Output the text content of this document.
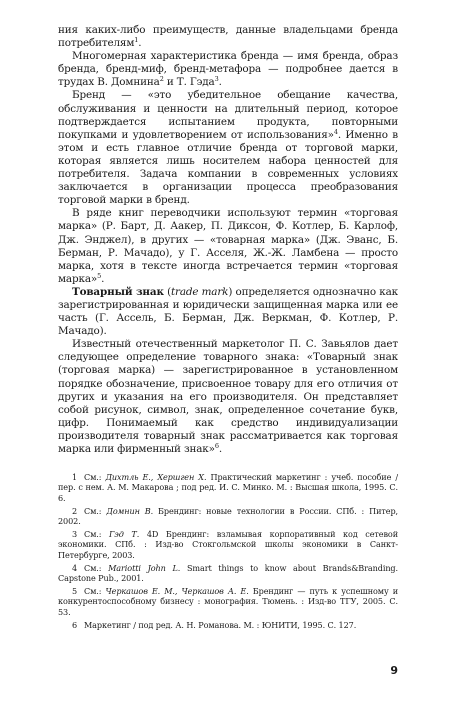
ния каких-либо преимуществ, данные владельцами бренда потребителям$^1$.

Многомерная характеристика бренда — имя бренда, образ бренда, бренд-миф, бренд-метафора — подробнее дается в трудах В. Домнина$^2$ и Т. Гэда$^3$.

Бренд — «это убедительное обещание качества, обслуживания и ценности на длительный период, которое подтверждается испытанием продукта, повторными покупками и удовлетворением от использования»$^4$. Именно в этом и есть главное отличие бренда от торговой марки, которая является лишь носителем набора ценностей для потребителя. Задача компании в современных условиях заключается в организации процесса преобразования торговой марки в бренд.

В ряде книг переводчики используют термин «торговая марка» (Р. Барт, Д. Аакер, П. Диксон, Ф. Котлер, Б. Карлоф, Дж. Энджел), в других — «товарная марка» (Дж. Эванс, Б. Берман, Р. Мачадо), у Г. Асселя, Ж.-Ж. Ламбена — просто марка, хотя в тексте иногда встречается термин «торговая марка»$^5$.

Товарный знак (trade mark) определяется однозначно как зарегистрированная и юридически защищенная марка или ее часть (Г. Ассель, Б. Берман, Дж. Веркман, Ф. Котлер, Р. Мачадо).

Известный отечественный маркетолог П. С. Завьялов дает следующее определение товарного знака: «Товарный знак (торговая марка) — зарегистрированное в установленном порядке обозначение, присвоенное товару для его отличия от других и указания на его производителя. Он представляет собой рисунок, символ, знак, определенное сочетание букв, цифр. Понимаемый как средство индивидуализации производителя товарный знак рассматривается как торговая марка или фирменный знак»$^6$.

1 См.: Дихтль Е., Хершген Х. Практический маркетинг : учеб. пособие / пер. с нем. А. М. Макарова ; под ред. И. С. Минко. М. : Высшая школа, 1995. С. 6.

2 См.: Домнин В. Брендинг: новые технологии в России. СПб. : Питер, 2002.

3 См.: Гэд Т. 4D Брендинг: взламывая корпоративный код сетевой экономики. СПб. : Изд-во Стокгольмской школы экономики в Санкт-Петербурге, 2003.

4 См.: Mariotti John L. Smart things to know about Brands&Branding. Capstone Pub., 2001.

5 См.: Черкашов Е. М., Черкашов А. Е. Брендинг — путь к успешному и конкурентоспособному бизнесу : монография. Тюмень. : Изд-во ТГУ, 2005. С. 53.

6 Маркетинг / под ред. А. Н. Романова. М. : ЮНИТИ, 1995. С. 127.

9
